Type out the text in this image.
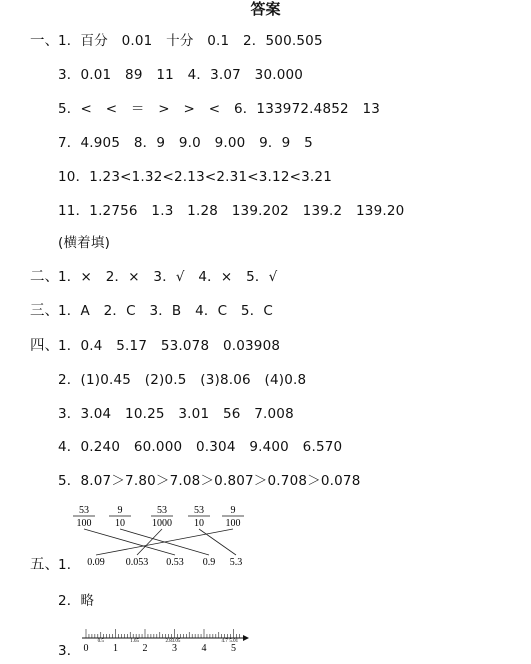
答案
一、 1．百分　0.01　十分　0.1　2．500.505
3．0.01　89　11　4．3.07　30.000
5．<　<　＝　>　>　<　6．133972.4852　13
7．4.905　8．9　9.0　9.00　9．9　5
10．1.23<1.32<2.13<2.31<3.12<3.21
11．1.2756　1.3　1.28　139.202　139.2　139.20
(横着填)
二、 1．×　2．×　3．√　4．×　5．√
三、 1．A　2．C　3．B　4．C　5．C
四、 1．0.4　5.17　53.078　0.03908
2．(1)0.45　(2)0.5　(3)8.06　(4)0.8
3．3.04　10.25　3.01　56　7.008
4．0.240　60.000　0.304　9.400　6.570
5．8.07＞7.80＞7.08＞0.807＞0.708＞0.078
五、 1．
2．略
3．
53
100
9
10
53
1000
53
10
9
100
0.09 0.053 0.53 0.9 5.3
0 1 2 3 4 5
0.5	1.65	2.8 3.05	4.7 5.01
